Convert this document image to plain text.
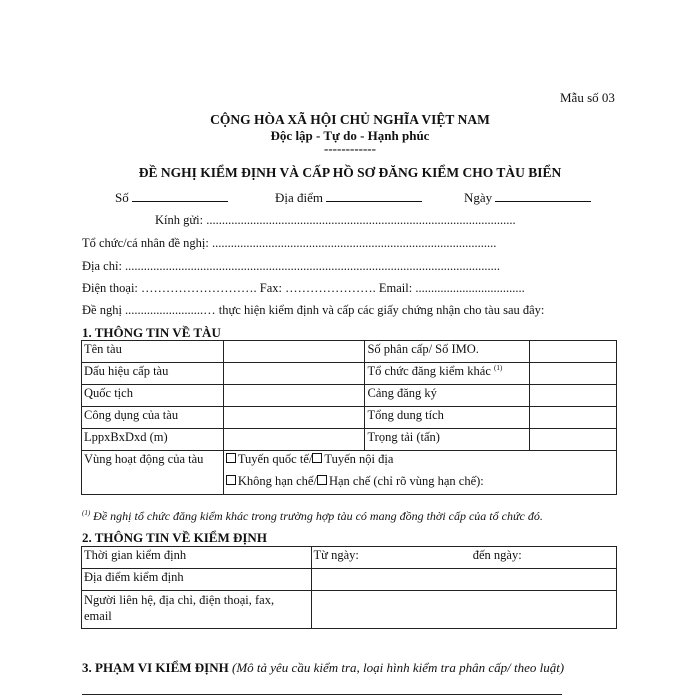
Mẫu số 03
CỘNG HÒA XÃ HỘI CHỦ NGHĨA VIỆT NAM
Độc lập - Tự do - Hạnh phúc
------------
ĐỀ NGHỊ KIỂM ĐỊNH VÀ CẤP HỒ SƠ ĐĂNG KIỂM CHO TÀU BIỂN
Số	Địa điểm	Ngày
Kính gửi: ...................................................................................................
Tổ chức/cá nhân đề nghị: ...........................................................................................
Địa chỉ: ........................................................................................................................
Điện thoại: ………………………. Fax: …………………. Email: ...................................
Đề nghị .........................… thực hiện kiểm định và cấp các giấy chứng nhận cho tàu sau đây:
1. THÔNG TIN VỀ TÀU
Tên tàu		Số phân cấp/ Số IMO.	
Dấu hiệu cấp tàu		Tổ chức đăng kiểm khác $^{(1)}$	
Quốc tịch		Cảng đăng ký	
Công dụng của tàu		Tổng dung tích	
LppxBxDxd (m)		Trọng tải (tấn)	
Vùng hoạt động của tàu	Tuyến quốc tế/ Tuyến nội địa		
	Không hạn chế/ Hạn chế (chỉ rõ vùng hạn chế):		
$^{(1)}$ Đề nghị tổ chức đăng kiểm khác trong trường hợp tàu có mang đồng thời cấp của tổ chức đó.
2. THÔNG TIN VỀ KIỂM ĐỊNH
Thời gian kiểm định	Từ ngày:	đến ngày:
Địa điểm kiểm định		
Người liên hệ, địa chỉ, điện thoại, fax,
email		
3. PHẠM VI KIỂM ĐỊNH (Mô tả yêu cầu kiểm tra, loại hình kiểm tra phân cấp/ theo luật)
